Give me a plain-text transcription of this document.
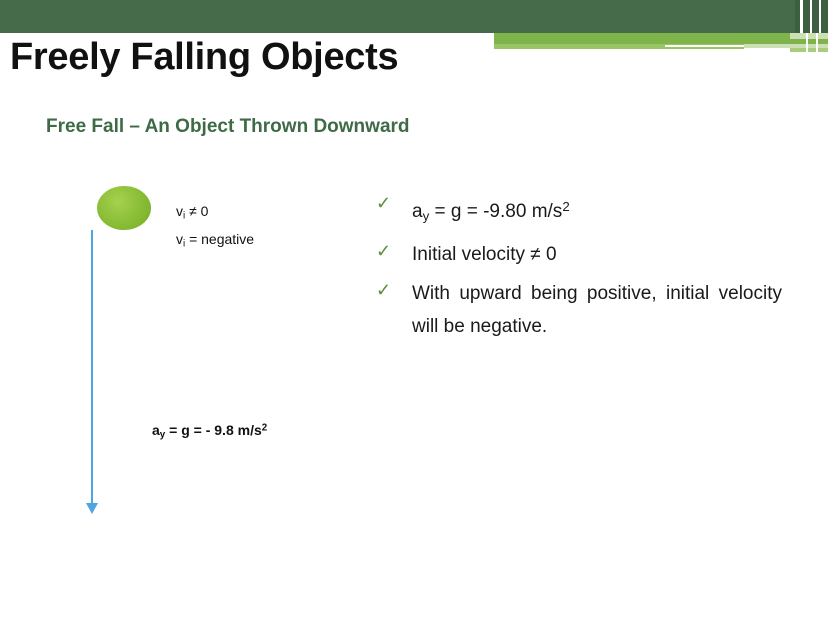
Freely Falling Objects
Free Fall – An Object Thrown Downward
vi ≠ 0
vi = negative
ay = g = - 9.8 $m/s^2$
✓ ay = g = -9.80 $m/s^2$
✓ Initial velocity ≠ 0
✓ With upward being positive, initial velocity will be negative.
